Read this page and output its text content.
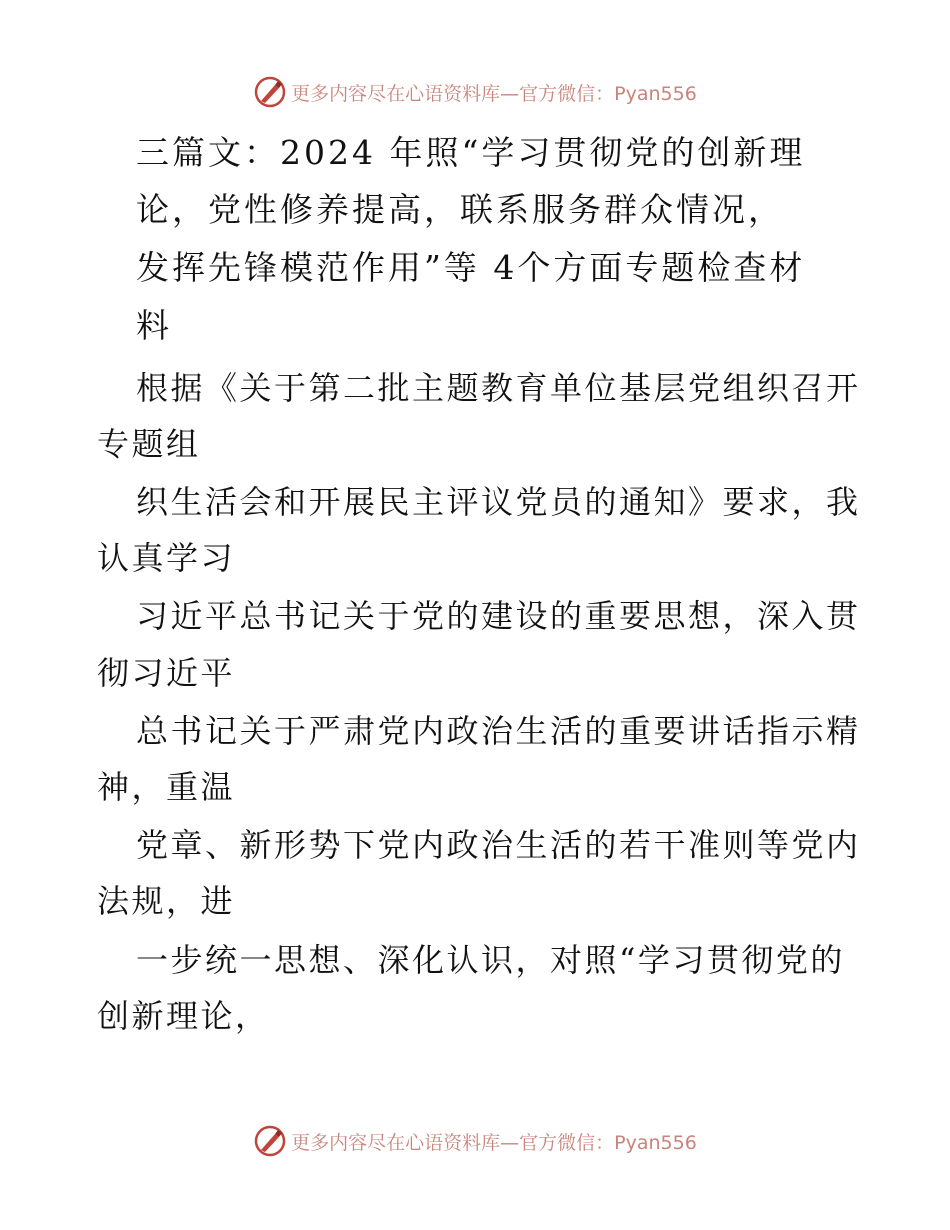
更多内容尽在心语资料库—官方微信：Pyan556
三篇文：2024 年照“学习贯彻党的创新理
论，党性修养提高，联系服务群众情况，
发挥先锋模范作用”等 4个方面专题检查材
料
根据《关于第二批主题教育单位基层党组织召开
专题组
织生活会和开展民主评议党员的通知》要求，我
认真学习
习近平总书记关于党的建设的重要思想，深入贯
彻习近平
总书记关于严肃党内政治生活的重要讲话指示精
神，重温
党章、新形势下党内政治生活的若干准则等党内
法规，进
一步统一思想、深化认识，对照“学习贯彻党的
创新理论，
更多内容尽在心语资料库—官方微信：Pyan556
